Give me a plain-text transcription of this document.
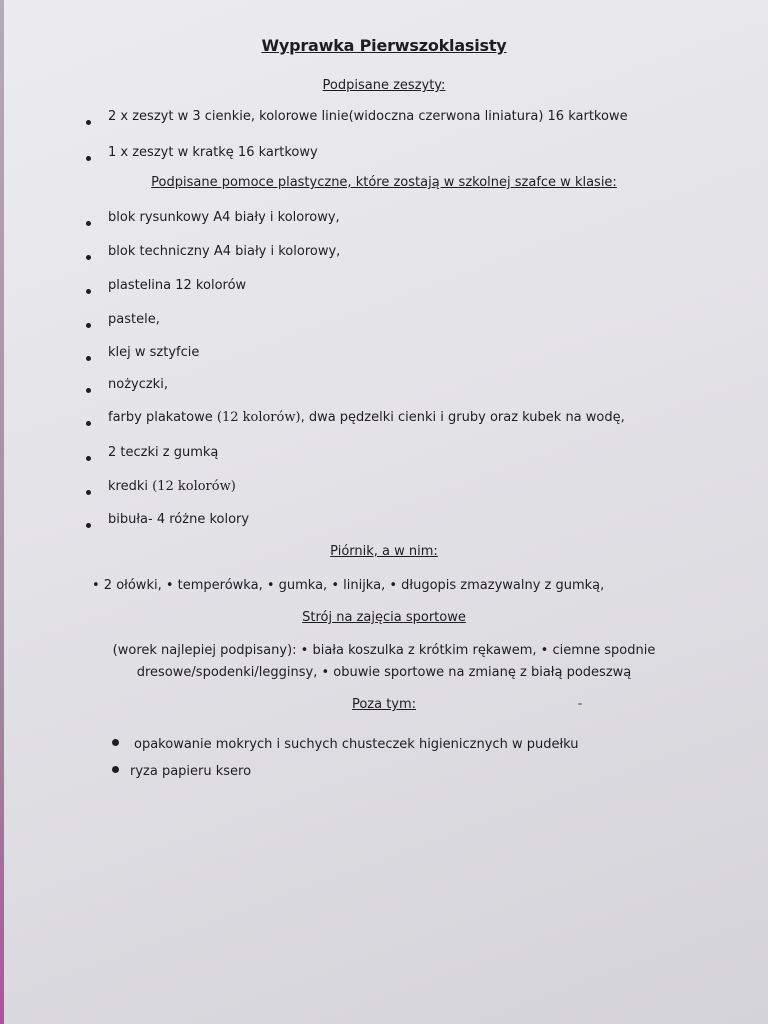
Wyprawka Pierwszoklasisty
Podpisane zeszyty:
2 x zeszyt w 3 cienkie, kolorowe linie(widoczna czerwona liniatura) 16 kartkowe
1 x zeszyt w kratkę 16 kartkowy
Podpisane pomoce plastyczne, które zostają w szkolnej szafce w klasie:
blok rysunkowy A4 biały i kolorowy,
blok techniczny A4 biały i kolorowy,
plastelina 12 kolorów
pastele,
klej w sztyfcie
nożyczki,
farby plakatowe (12 kolorów), dwa pędzelki cienki i gruby oraz kubek na wodę,
2 teczki z gumką
kredki (12 kolorów)
bibuła- 4 różne kolory
Piórnik, a w nim:
• 2 ołówki, • temperówka, • gumka, • linijka, • długopis zmazywalny z gumką,
Strój na zajęcia sportowe
(worek najlepiej podpisany): • biała koszulka z krótkim rękawem, • ciemne spodnie
dresowe/spodenki/legginsy, • obuwie sportowe na zmianę z białą podeszwą
Poza tym:
opakowanie mokrych i suchych chusteczek higienicznych w pudełku
ryza papieru ksero
